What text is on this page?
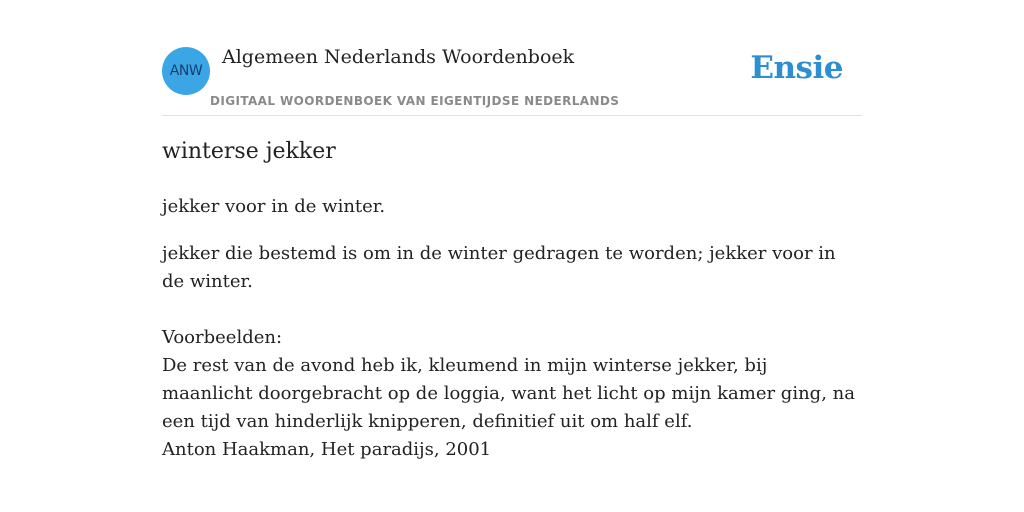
ANW
Algemeen Nederlands Woordenboek
DIGITAAL WOORDENBOEK VAN EIGENTIJDSE NEDERLANDS
Ensie
winterse jekker
jekker voor in de winter.
jekker die bestemd is om in de winter gedragen te worden; jekker voor in de winter.
Voorbeelden:
De rest van de avond heb ik, kleumend in mijn winterse jekker, bij maanlicht doorgebracht op de loggia, want het licht op mijn kamer ging, na een tijd van hinderlijk knipperen, definitief uit om half elf.
Anton Haakman, Het paradijs, 2001
